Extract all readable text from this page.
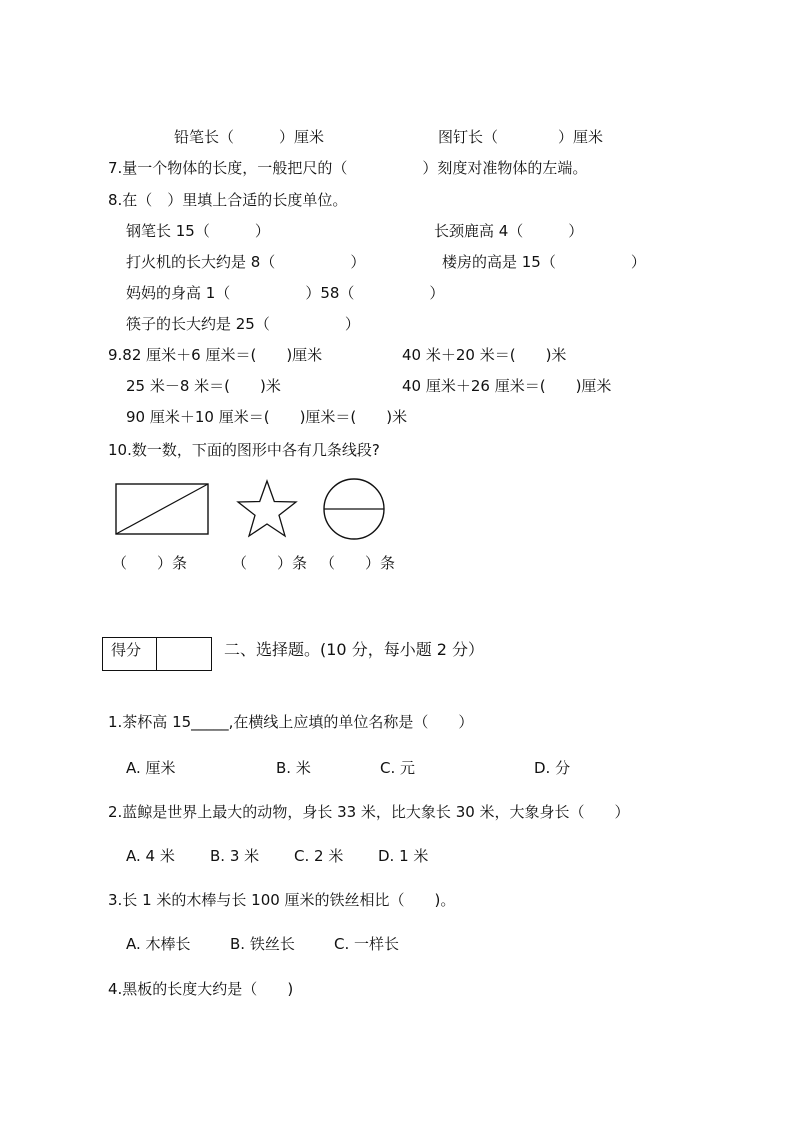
铅笔长（　　　）厘米	图钉长（　　　　）厘米
7.量一个物体的长度，一般把尺的（　　　　　）刻度对准物体的左端。
8.在（　）里填上合适的长度单位。
钢笔长 15（　　　）	长颈鹿高 4（　　　）
打火机的长大约是 8（　　　　　）	楼房的高是 15（　　　　　）
妈妈的身高 1（　　　　　）58（　　　　　）
筷子的长大约是 25（　　　　　）
9.82 厘米＋6 厘米＝(　　)厘米	40 米＋20 米＝(　　)米
25 米－8 米＝(　　)米	40 厘米＋26 厘米＝(　　)厘米
90 厘米＋10 厘米＝(　　)厘米＝(　　)米
10.数一数，下面的图形中各有几条线段?
（　　）条	（　　）条 （　　）条
得分	二、选择题。(10 分，每小题 2 分）
1.茶杯高 15_____,在横线上应填的单位名称是（　　）
A. 厘米	B. 米	C. 元	D. 分
2.蓝鲸是世界上最大的动物，身长 33 米，比大象长 30 米，大象身长（　　）
A. 4 米 B. 3 米 C. 2 米 D. 1 米
3.长 1 米的木棒与长 100 厘米的铁丝相比（　　)。
A. 木棒长	B. 铁丝长	C. 一样长
4.黑板的长度大约是（　　)
